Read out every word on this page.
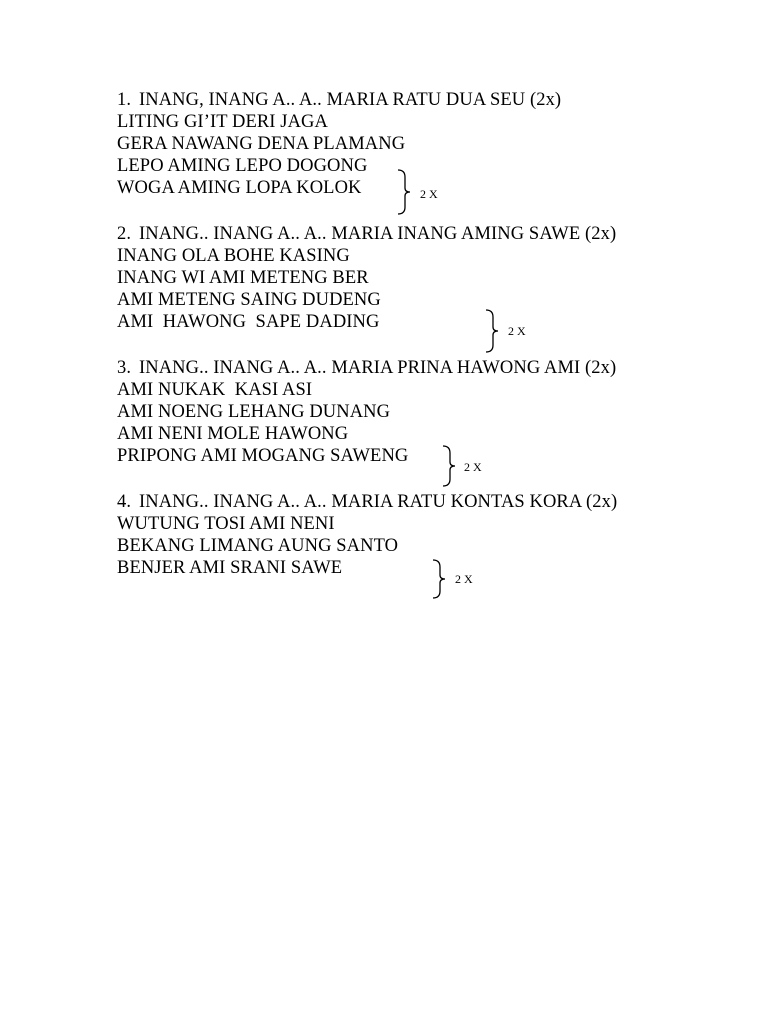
1. INANG, INANG A.. A.. MARIA RATU DUA SEU (2x)
LITING GI’IT DERI JAGA
GERA NAWANG DENA PLAMANG
LEPO AMING LEPO DOGONG
WOGA AMING LOPA KOLOK	2 X
2. INANG.. INANG A.. A.. MARIA INANG AMING SAWE (2x)
INANG OLA BOHE KASING
INANG WI AMI METENG BER
AMI METENG SAING DUDENG
AMI  HAWONG  SAPE DADING	2 X
3. INANG.. INANG A.. A.. MARIA PRINA HAWONG AMI (2x)
AMI NUKAK  KASI ASI
AMI NOENG LEHANG DUNANG
AMI NENI MOLE HAWONG
PRIPONG AMI MOGANG SAWENG
2 X
4. INANG.. INANG A.. A.. MARIA RATU KONTAS KORA (2x)
WUTUNG TOSI AMI NENI
BEKANG LIMANG AUNG SANTO
BENJER AMI SRANI SAWE
2 X
